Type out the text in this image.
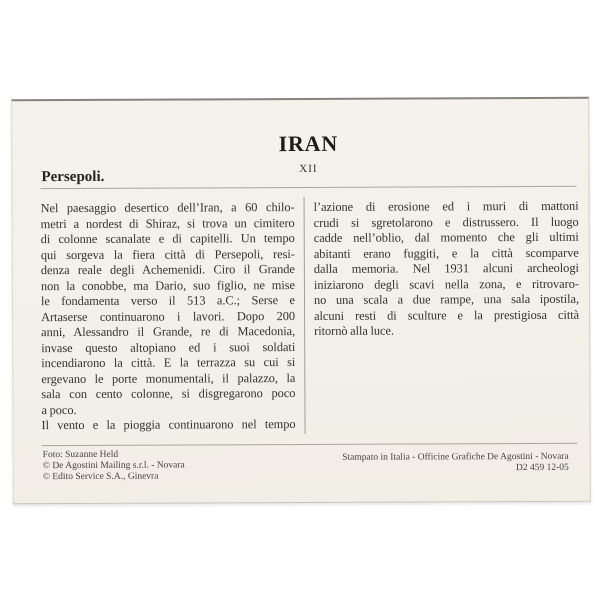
IRAN
XII
Persepoli.
Nel paesaggio desertico dell’Iran, a 60 chilo-
metri a nordest di Shiraz, si trova un cimitero
di colonne scanalate e di capitelli. Un tempo
qui sorgeva la fiera città di Persepoli, resi-
denza reale degli Achemenidi. Ciro il Grande
non la conobbe, ma Dario, suo figlio, ne mise
le fondamenta verso il 513 a.C.; Serse e
Artaserse continuarono i lavori. Dopo 200
anni, Alessandro il Grande, re di Macedonia,
invase questo altopiano ed i suoi soldati
incendiarono la città. E la terrazza su cui si
ergevano le porte monumentali, il palazzo, la
sala con cento colonne, si disgregarono poco
a poco.
Il vento e la pioggia continuarono nel tempo
l’azione di erosione ed i muri di mattoni
crudi si sgretolarono e distrussero. Il luogo
cadde nell’oblio, dal momento che gli ultimi
abitanti erano fuggiti, e la città scomparve
dalla memoria. Nel 1931 alcuni archeologi
iniziarono degli scavi nella zona, e ritrovaro-
no una scala a due rampe, una sala ipostila,
alcuni resti di sculture e la prestigiosa città
ritornò alla luce.
Foto: Suzanne Held
© De Agostini Mailing s.r.l. - Novara
© Edito Service S.A., Ginevra
Stampato in Italia - Officine Grafiche De Agostini - Novara
D2 459 12-05
